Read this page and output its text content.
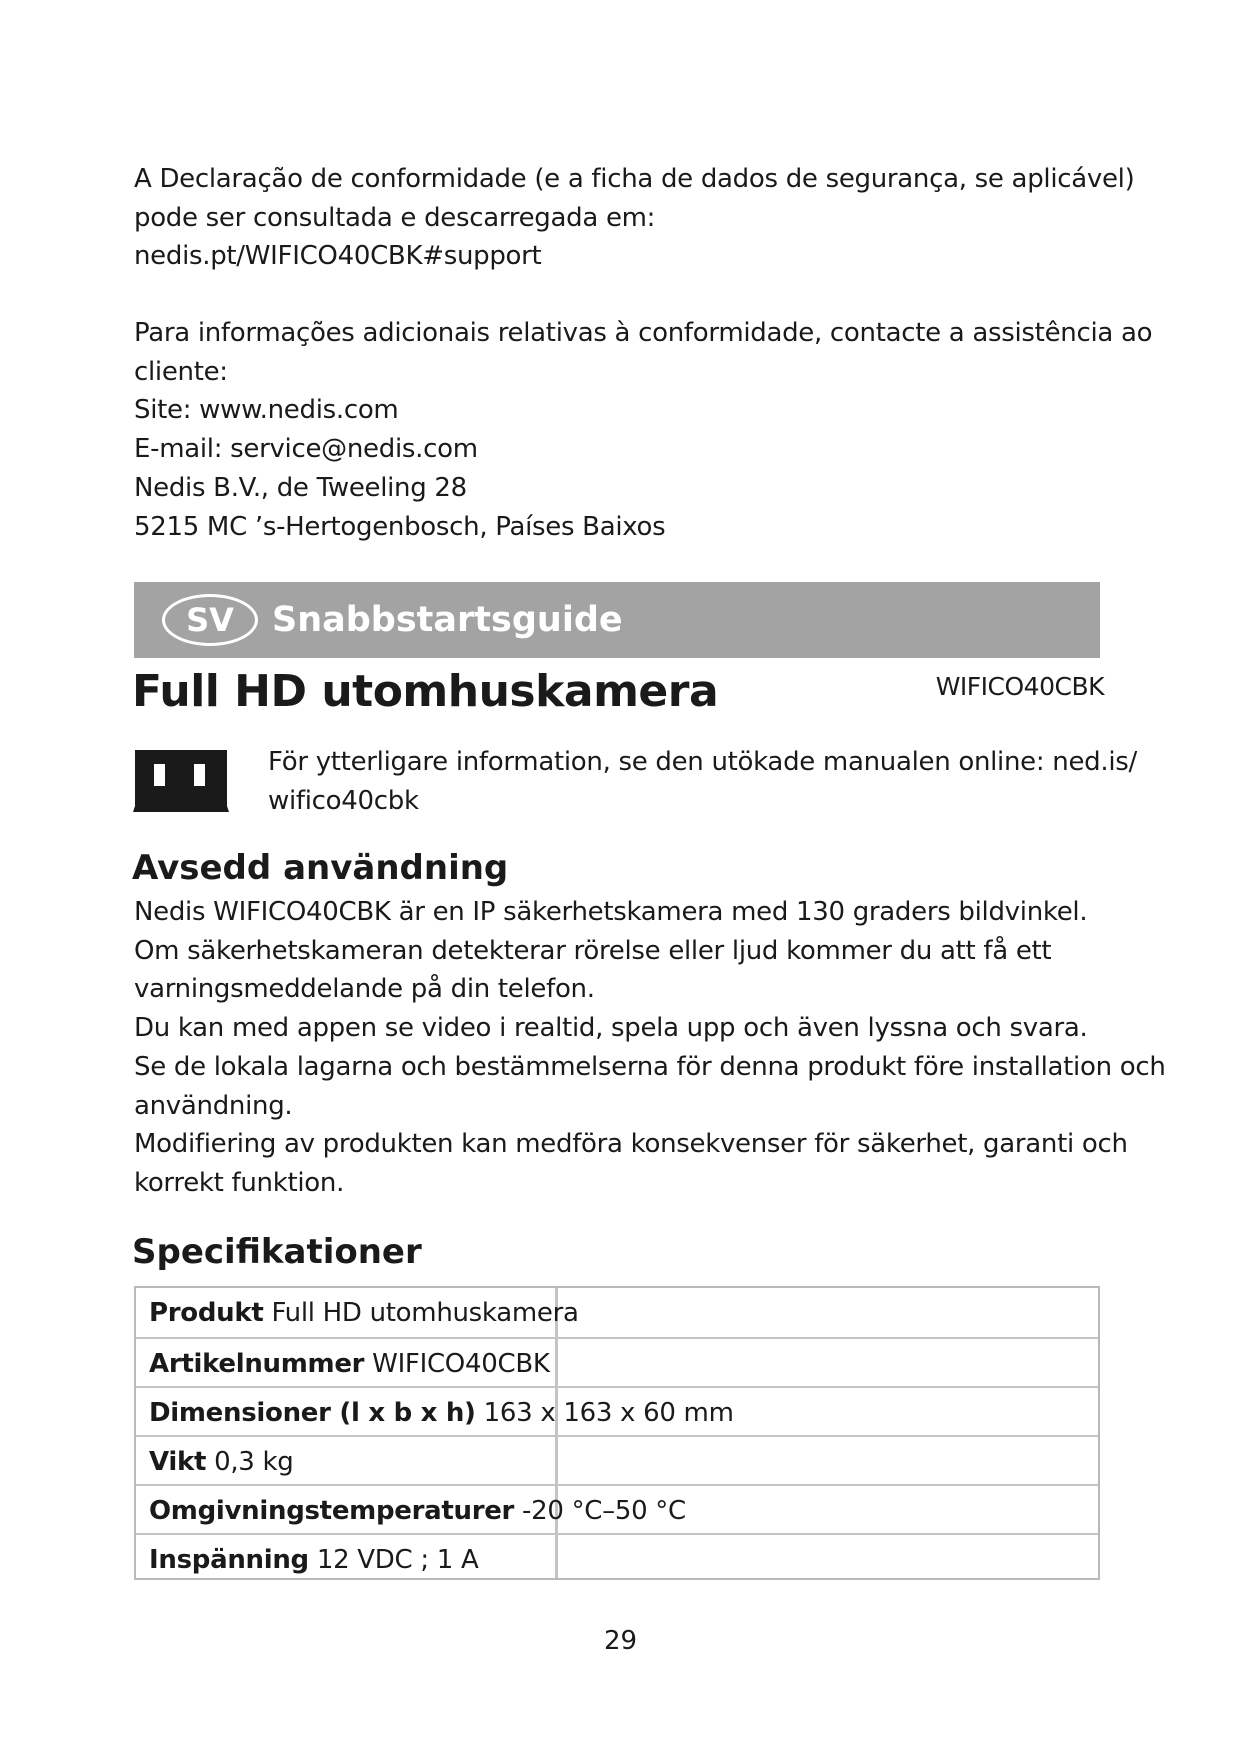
A Declaração de conformidade (e a ficha de dados de segurança, se aplicável)
pode ser consultada e descarregada em:
nedis.pt/WIFICO40CBK#support
Para informações adicionais relativas à conformidade, contacte a assistência ao
cliente:
Site: www.nedis.com
E-mail: service@nedis.com
Nedis B.V., de Tweeling 28
5215 MC ’s-Hertogenbosch, Países Baixos
SV	Snabbstartsguide
Full HD utomhuskamera	WIFICO40CBK
För ytterligare information, se den utökade manualen online: ned.is/
wifico40cbk
Avsedd användning
Nedis WIFICO40CBK är en IP säkerhetskamera med 130 graders bildvinkel.
Om säkerhetskameran detekterar rörelse eller ljud kommer du att få ett
varningsmeddelande på din telefon.
Du kan med appen se video i realtid, spela upp och även lyssna och svara.
Se de lokala lagarna och bestämmelserna för denna produkt före installation och
användning.
Modifiering av produkten kan medföra konsekvenser för säkerhet, garanti och
korrekt funktion.
Specifikationer
Produkt Full HD utomhuskamera
Artikelnummer WIFICO40CBK
Dimensioner (l x b x h) 163 x 163 x 60 mm
Vikt 0,3 kg
Omgivningstemperaturer -20 °C–50 °C
Inspänning 12 VDC ; 1 A
29
